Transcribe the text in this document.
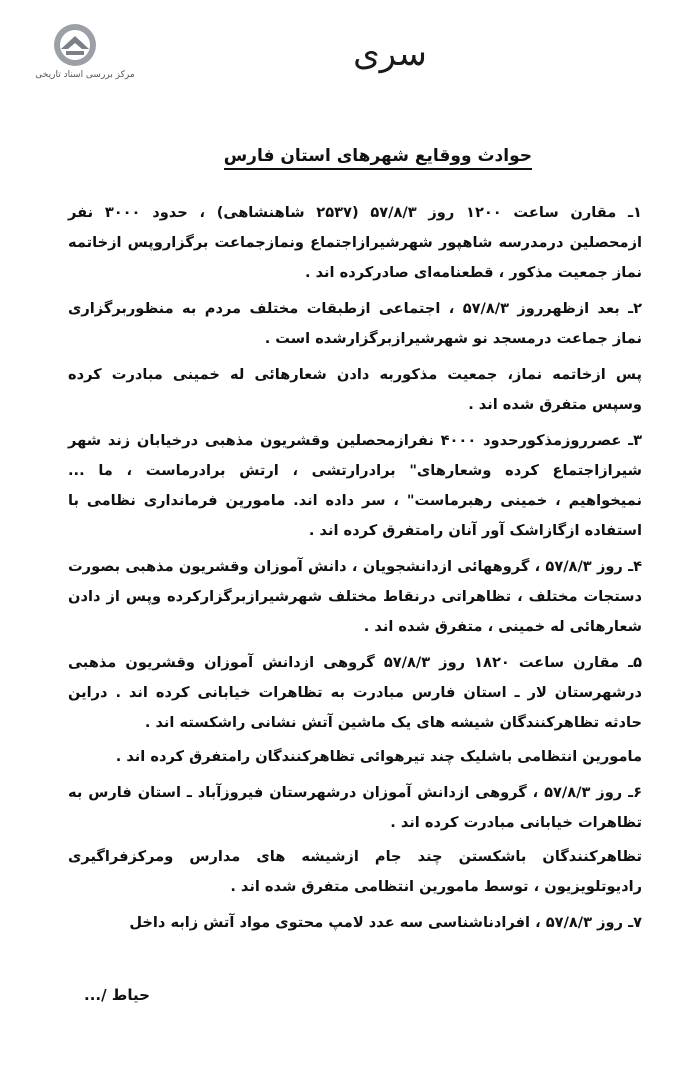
مرکز بررسی اسناد تاریخی
سری
حوادث ووقایع شهرهای استان فارس

۱ـ مقارن ساعت ۱۲۰۰ روز ۵۷/۸/۳ (۲۵۳۷ شاهنشاهی) ، حدود ۳۰۰۰ نفر ازمحصلین درمدرسه شاهپور شهرشیرازاجتماع ونمازجماعت برگزاروپس ازخاتمه نماز جمعیت مذکور ، قطعنامه‌ای صادرکرده اند .

۲ـ بعد ازظهرروز ۵۷/۸/۳ ، اجتماعی ازطبقات مختلف مردم به منظوربرگزاری نماز جماعت درمسجد نو شهرشیرازبرگزارشده است .

پس ازخاتمه نماز، جمعیت مذکوربه دادن شعارهائی له خمینی مبادرت کرده وسپس متفرق شده اند .

۳ـ عصرروزمذکورحدود ۴۰۰۰ نفرازمحصلین وقشریون مذهبی درخیابان زند شهر شیرازاجتماع کرده وشعارهای" برادرارتشی ، ارتش برادرماست ، ما ... نمیخواهیم ، خمینی رهبرماست" ، سر داده اند. مامورین فرمانداری نظامی با استفاده ازگازاشک آور آنان رامتفرق کرده اند .

۴ـ روز ۵۷/۸/۳ ، گروههائی ازدانشجویان ، دانش آموزان وقشریون مذهبی بصورت دستجات مختلف ، تظاهراتی درنقاط مختلف شهرشیرازبرگزارکرده وپس از دادن شعارهائی له خمینی ، متفرق شده اند .

۵ـ مقارن ساعت ۱۸۲۰ روز ۵۷/۸/۳ گروهی ازدانش آموزان وقشریون مذهبی درشهرستان لار ـ استان فارس مبادرت به تظاهرات خیابانی کرده اند . دراین حادثه تظاهرکنندگان شیشه های یک ماشین آتش نشانی راشکسته اند .

مامورین انتظامی باشلیک چند تیرهوائی تظاهرکنندگان رامتفرق کرده اند .

۶ـ روز ۵۷/۸/۳ ، گروهی ازدانش آموزان درشهرستان فیروزآباد ـ استان فارس به تظاهرات خیابانی مبادرت کرده اند .

تظاهرکنندگان باشکستن چند جام ازشیشه های مدارس ومرکزفراگیری رادیوتلویزیون ، توسط مامورین انتظامی متفرق شده اند .

۷ـ روز ۵۷/۸/۳ ، افرادناشناسی سه عدد لامپ محتوی مواد آتش زابه داخل

حیاط /...
